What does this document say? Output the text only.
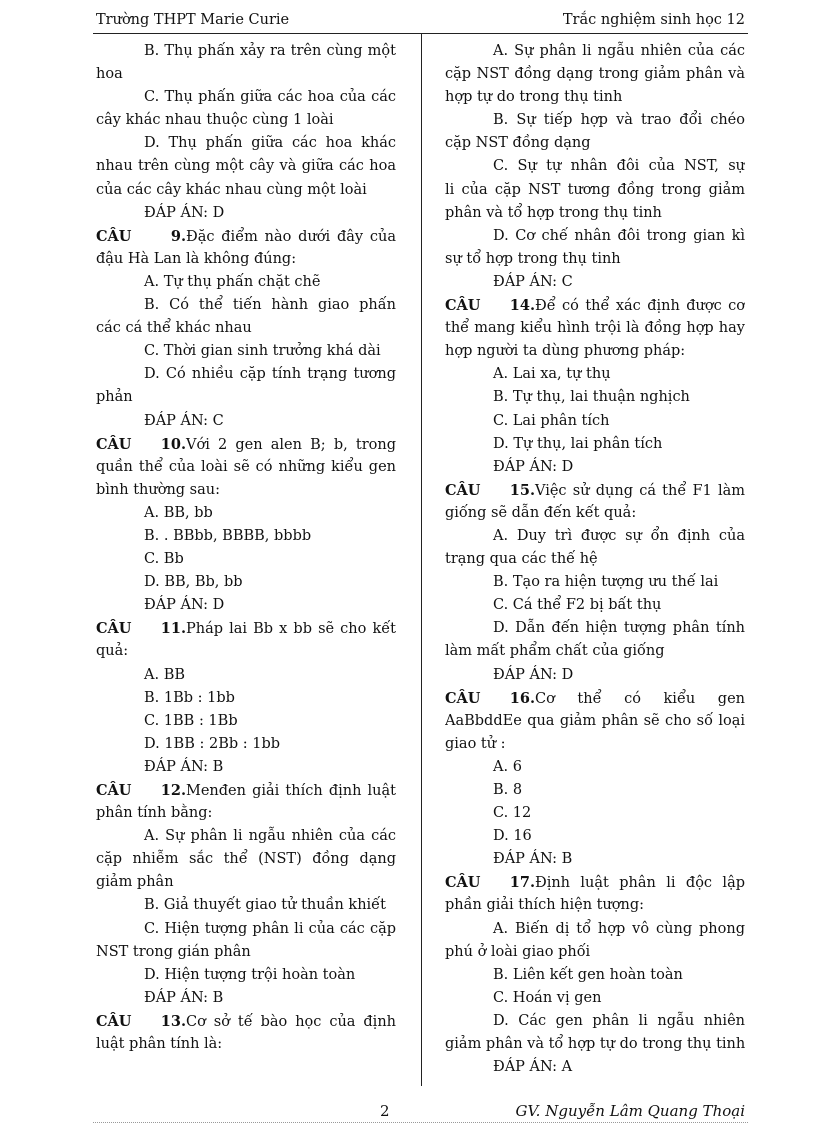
Trường THPT Marie Curie	Trắc nghiệm sinh học 12
B. Thụ phấn xảy ra trên cùng một
hoa
C. Thụ phấn giữa các hoa của các
cây khác nhau thuộc cùng 1 loài
D. Thụ phấn giữa các hoa khác
nhau trên cùng một cây và giữa các hoa
của các cây khác nhau cùng một loài
ĐÁP ÁN: D
CÂU 9.Đặc điểm nào dưới đây của
đậu Hà Lan là không đúng:
A. Tự thụ phấn chặt chẽ
B. Có thể tiến hành giao phấn
các cá thể khác nhau
C. Thời gian sinh trưởng khá dài
D. Có nhiều cặp tính trạng tương
phản
ĐÁP ÁN: C
CÂU 10.Với 2 gen alen B; b, trong
quần thể của loài sẽ có những kiểu gen
bình thường sau:
A. BB, bb
B. . BBbb, BBBB, bbbb
C. Bb
D. BB, Bb, bb
ĐÁP ÁN: D
CÂU 11.Pháp lai Bb x bb sẽ cho kết
quả:
A. BB
B. 1Bb : 1bb
C. 1BB : 1Bb
D. 1BB : 2Bb : 1bb
ĐÁP ÁN: B
CÂU 12.Menđen giải thích định luật
phân tính bằng:
A. Sự phân li ngẫu nhiên của các
cặp nhiễm sắc thể (NST) đồng dạng
giảm phân
B. Giả thuyết giao tử thuần khiết
C. Hiện tượng phân li của các cặp
NST trong gián phân
D. Hiện tượng trội hoàn toàn
ĐÁP ÁN: B
CÂU 13.Cơ sở tế bào học của định
luật phân tính là:
A. Sự phân li ngẫu nhiên của các
cặp NST đồng dạng trong giảm phân và
hợp tự do trong thụ tinh
B. Sự tiếp hợp và trao đổi chéo
cặp NST đồng dạng
C. Sự tự nhân đôi của NST, sự
li của cặp NST tương đồng trong giảm
phân và tổ hợp trong thụ tinh
D. Cơ chế nhân đôi trong gian kì
sự tổ hợp trong thụ tinh
ĐÁP ÁN: C
CÂU 14.Để có thể xác định được cơ
thể mang kiểu hình trội là đồng hợp hay
hợp người ta dùng phương pháp:
A. Lai xa, tự thụ
B. Tự thụ, lai thuận nghịch
C. Lai phân tích
D. Tự thụ, lai phân tích
ĐÁP ÁN: D
CÂU 15.Việc sử dụng cá thể F1 làm
giống sẽ dẫn đến kết quả:
A. Duy trì được sự ổn định của
trạng qua các thế hệ
B. Tạo ra hiện tượng ưu thế lai
C. Cá thể F2 bị bất thụ
D. Dẫn đến hiện tượng phân tính
làm mất phẩm chất của giống
ĐÁP ÁN: D
CÂU 16.Cơ thể có kiểu gen
AaBbddEe qua giảm phân sẽ cho số loại
giao tử :
A. 6
B. 8
C. 12
D. 16
ĐÁP ÁN: B
CÂU 17.Định luật phân li độc lập
phần giải thích hiện tượng:
A. Biến dị tổ hợp vô cùng phong
phú ở loài giao phối
B. Liên kết gen hoàn toàn
C. Hoán vị gen
D. Các gen phân li ngẫu nhiên
giảm phân và tổ hợp tự do trong thụ tinh
ĐÁP ÁN: A
2	GV. Nguyễn Lâm Quang Thoại
